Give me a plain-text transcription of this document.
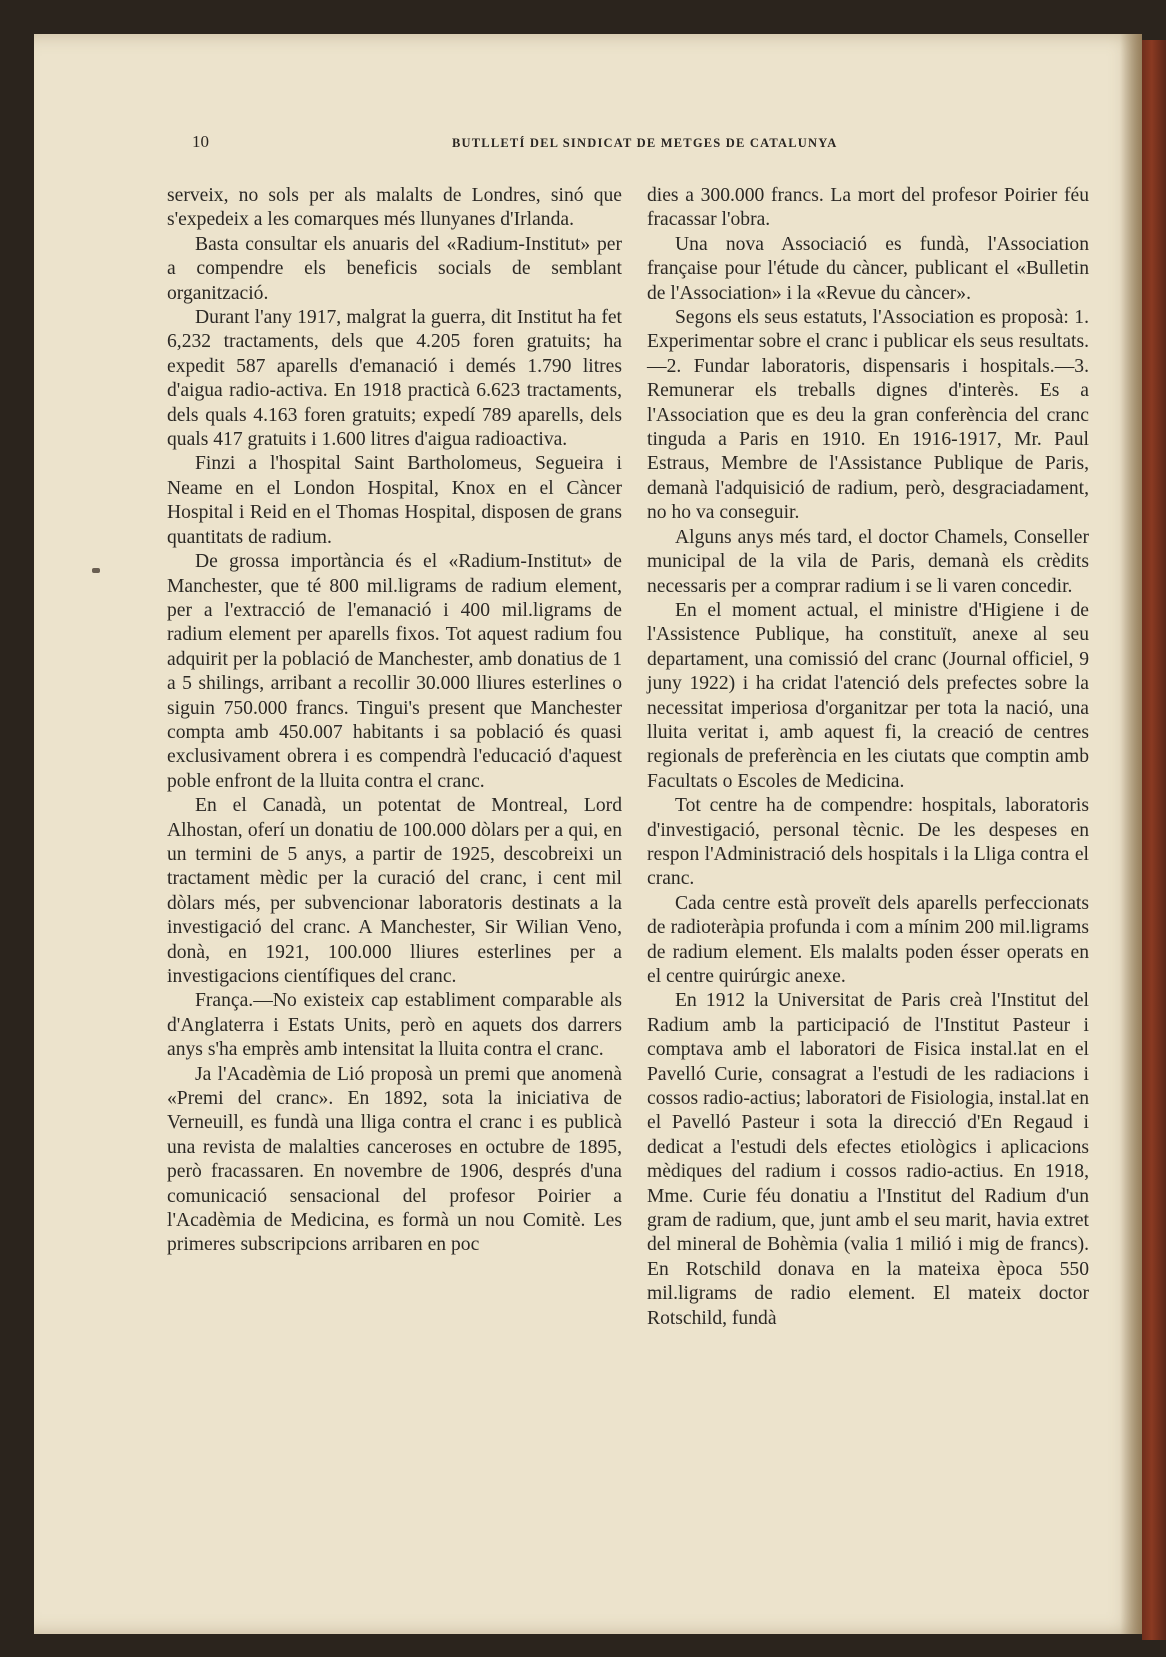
10	BUTLLETÍ DEL SINDICAT DE METGES DE CATALUNYA

serveix, no sols per als malalts de Londres, sinó que s'expedeix a les comarques més llunyanes d'Irlanda.

Basta consultar els anuaris del «Radium-Institut» per a compendre els beneficis socials de semblant organització.

Durant l'any 1917, malgrat la guerra, dit Institut ha fet 6,232 tractaments, dels que 4.205 foren gratuits; ha expedit 587 aparells d'emanació i demés 1.790 litres d'aigua radio-activa. En 1918 practicà 6.623 tractaments, dels quals 4.163 foren gratuits; expedí 789 aparells, dels quals 417 gratuits i 1.600 litres d'aigua radioactiva.

Finzi a l'hospital Saint Bartholomeus, Segueira i Neame en el London Hospital, Knox en el Càncer Hospital i Reid en el Thomas Hospital, disposen de grans quantitats de radium.

De grossa importància és el «Radium-Institut» de Manchester, que té 800 mil.ligrams de radium element, per a l'extracció de l'emanació i 400 mil.ligrams de radium element per aparells fixos. Tot aquest radium fou adquirit per la població de Manchester, amb donatius de 1 a 5 shilings, arribant a recollir 30.000 lliures esterlines o siguin 750.000 francs. Tingui's present que Manchester compta amb 450.007 habitants i sa població és quasi exclusivament obrera i es compendrà l'educació d'aquest poble enfront de la lluita contra el cranc.

En el Canadà, un potentat de Montreal, Lord Alhostan, oferí un donatiu de 100.000 dòlars per a qui, en un termini de 5 anys, a partir de 1925, descobreixi un tractament mèdic per la curació del cranc, i cent mil dòlars més, per subvencionar laboratoris destinats a la investigació del cranc. A Manchester, Sir Wilian Veno, donà, en 1921, 100.000 lliures esterlines per a investigacions científiques del cranc.

França.—No existeix cap establiment comparable als d'Anglaterra i Estats Units, però en aquets dos darrers anys s'ha emprès amb intensitat la lluita contra el cranc.

Ja l'Acadèmia de Lió proposà un premi que anomenà «Premi del cranc». En 1892, sota la iniciativa de Verneuill, es fundà una lliga contra el cranc i es publicà una revista de malalties canceroses en octubre de 1895, però fracassaren. En novembre de 1906, després d'una comunicació sensacional del profesor Poirier a l'Acadèmia de Medicina, es formà un nou Comitè. Les primeres subscripcions arribaren en poc

dies a 300.000 francs. La mort del profesor Poirier féu fracassar l'obra.

Una nova Associació es fundà, l'Association française pour l'étude du càncer, publicant el «Bulletin de l'Association» i la «Revue du càncer».

Segons els seus estatuts, l'Association es proposà: 1. Experimentar sobre el cranc i publicar els seus resultats.—2. Fundar laboratoris, dispensaris i hospitals.—3. Remunerar els treballs dignes d'interès. Es a l'Association que es deu la gran conferència del cranc tinguda a Paris en 1910. En 1916-1917, Mr. Paul Estraus, Membre de l'Assistance Publique de Paris, demanà l'adquisició de radium, però, desgraciadament, no ho va conseguir.

Alguns anys més tard, el doctor Chamels, Conseller municipal de la vila de Paris, demanà els crèdits necessaris per a comprar radium i se li varen concedir.

En el moment actual, el ministre d'Higiene i de l'Assistence Publique, ha constituït, anexe al seu departament, una comissió del cranc (Journal officiel, 9 juny 1922) i ha cridat l'atenció dels prefectes sobre la necessitat imperiosa d'organitzar per tota la nació, una lluita veritat i, amb aquest fi, la creació de centres regionals de preferència en les ciutats que comptin amb Facultats o Escoles de Medicina.

Tot centre ha de compendre: hospitals, laboratoris d'investigació, personal tècnic. De les despeses en respon l'Administració dels hospitals i la Lliga contra el cranc.

Cada centre està proveït dels aparells perfeccionats de radioteràpia profunda i com a mínim 200 mil.ligrams de radium element. Els malalts poden ésser operats en el centre quirúrgic anexe.

En 1912 la Universitat de Paris creà l'Institut del Radium amb la participació de l'Institut Pasteur i comptava amb el laboratori de Fisica instal.lat en el Pavelló Curie, consagrat a l'estudi de les radiacions i cossos radio-actius; laboratori de Fisiologia, instal.lat en el Pavelló Pasteur i sota la direcció d'En Regaud i dedicat a l'estudi dels efectes etiològics i aplicacions mèdiques del radium i cossos radio-actius. En 1918, Mme. Curie féu donatiu a l'Institut del Radium d'un gram de radium, que, junt amb el seu marit, havia extret del mineral de Bohèmia (valia 1 milió i mig de francs). En Rotschild donava en la mateixa època 550 mil.ligrams de radio element. El mateix doctor Rotschild, fundà
